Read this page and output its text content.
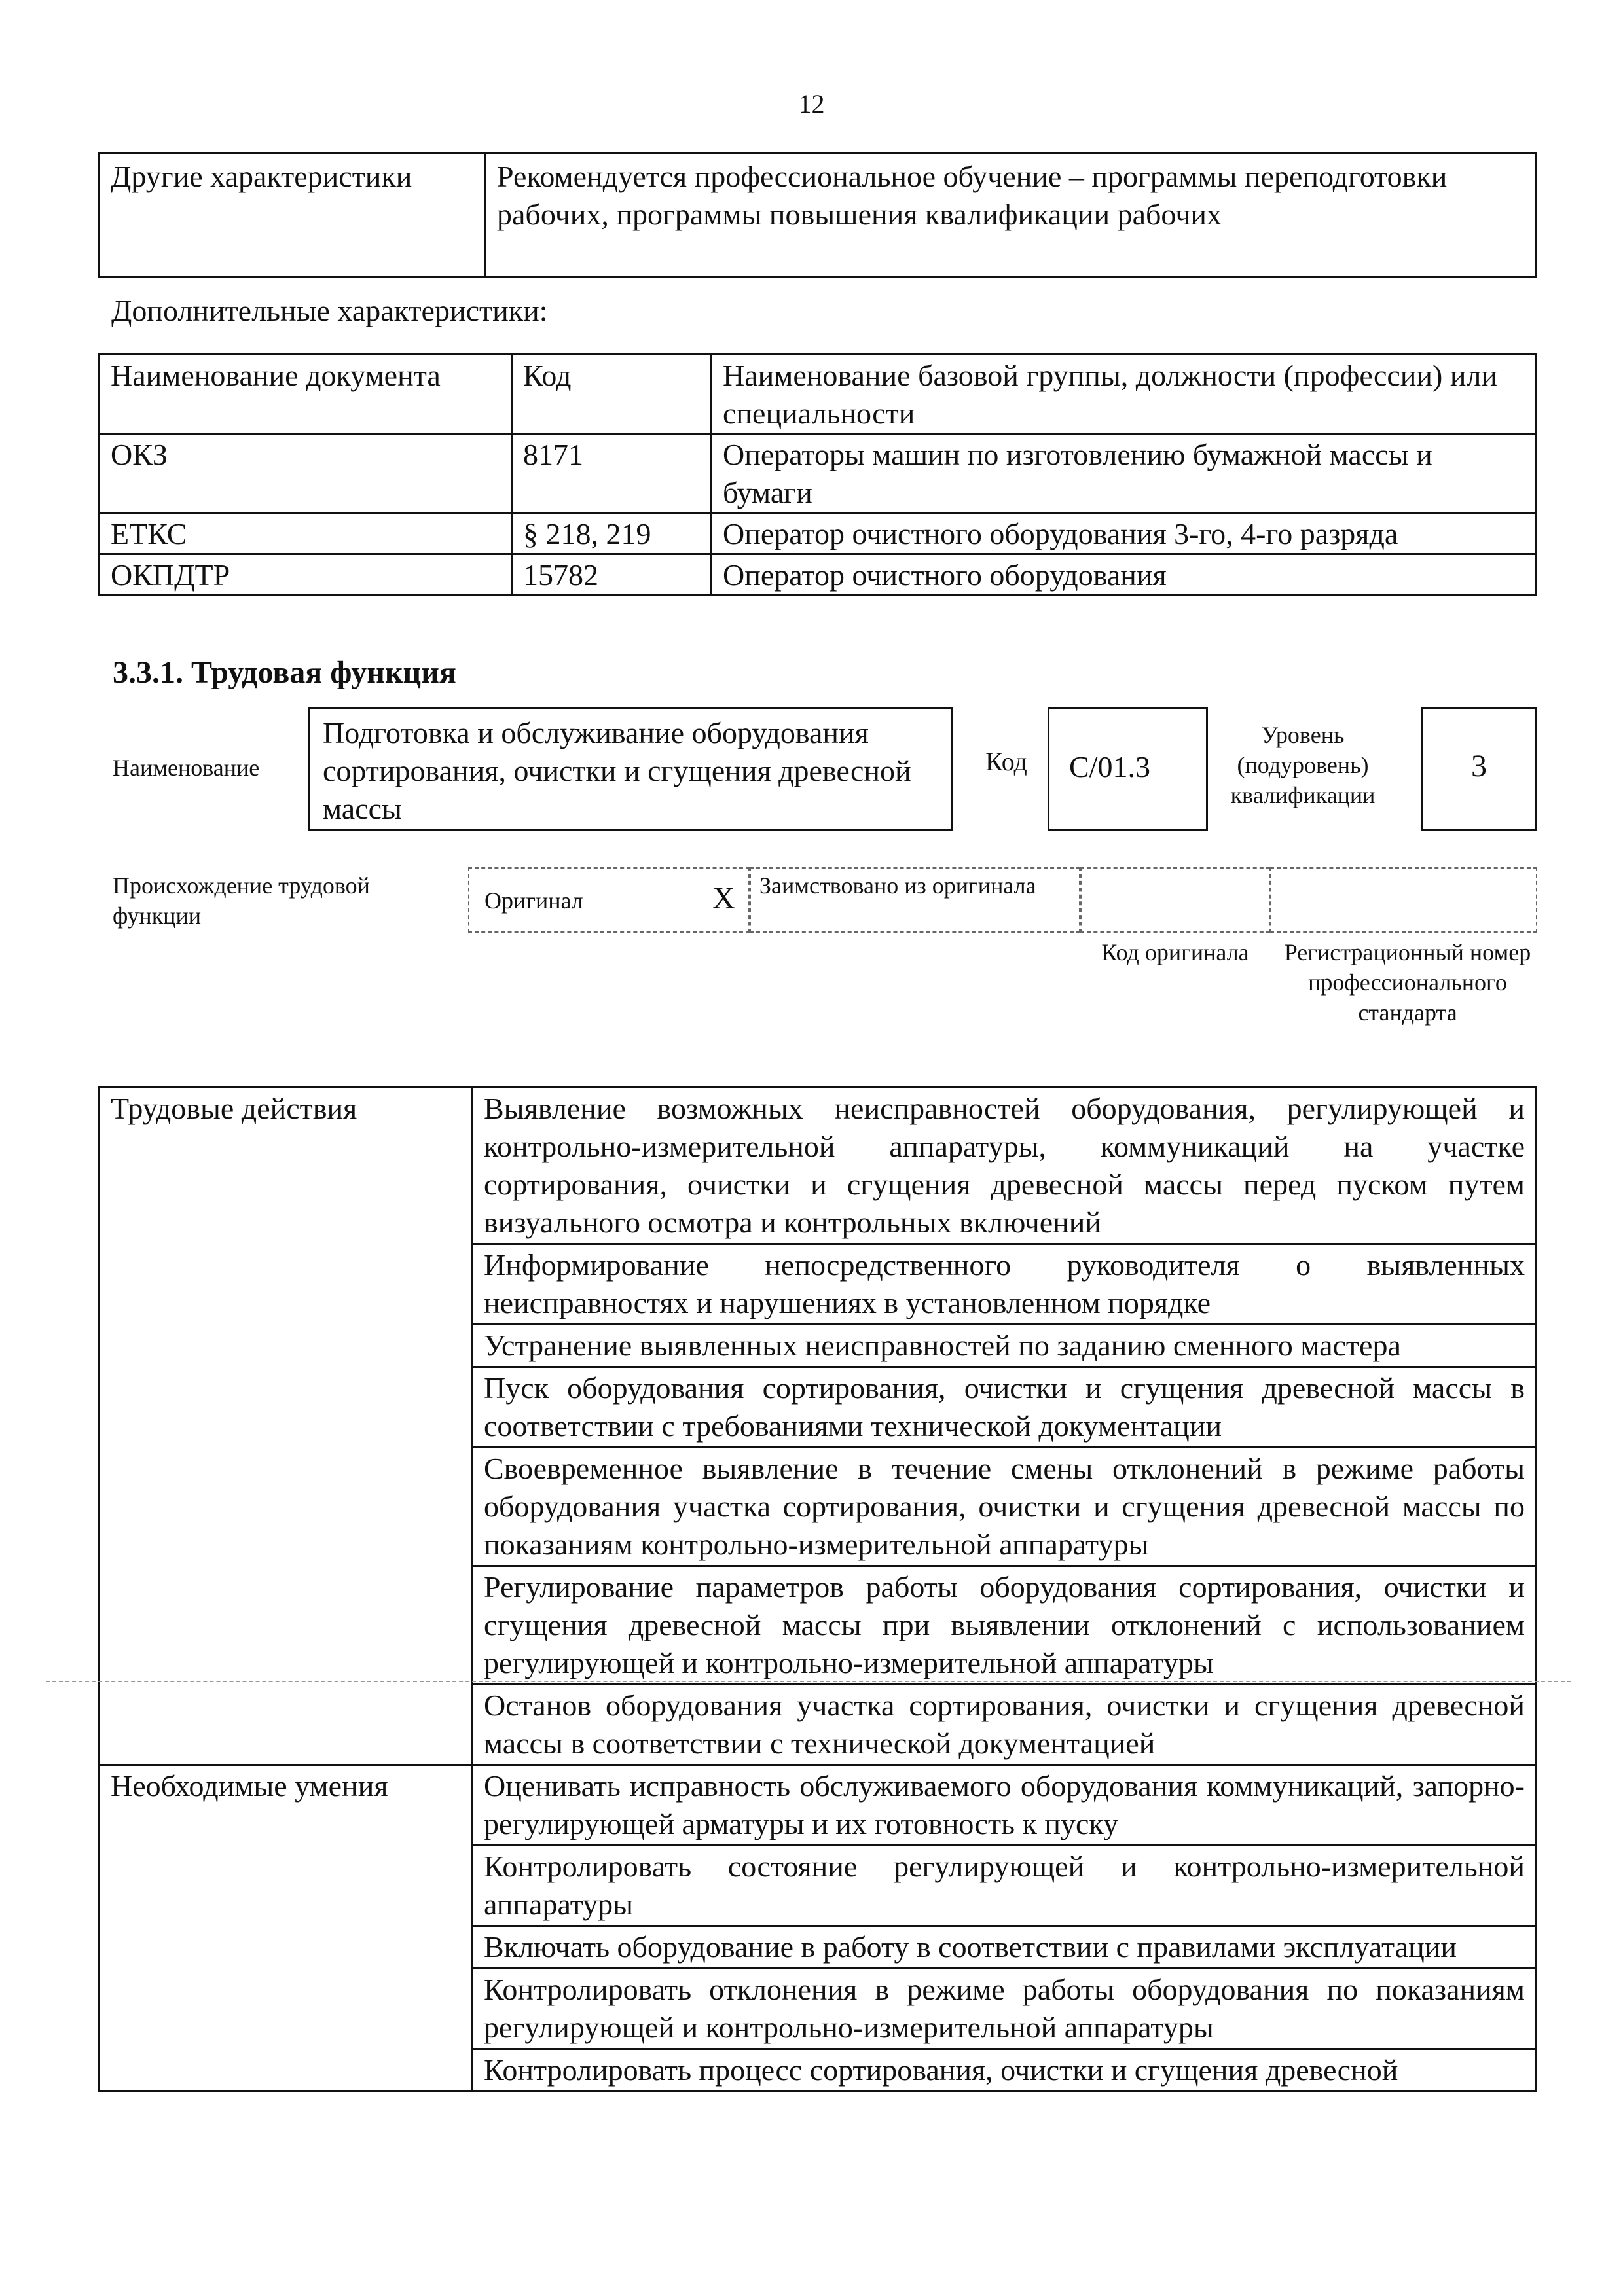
12
Другие характеристики	Рекомендуется профессиональное обучение – программы переподготовки рабочих, программы повышения квалификации рабочих
Дополнительные характеристики:
Наименование документа	Код	Наименование базовой группы, должности (профессии) или специальности
ОКЗ	8171	Операторы машин по изготовлению бумажной массы и бумаги
ЕТКС	§ 218, 219	Оператор очистного оборудования 3-го, 4-го разряда
ОКПДТР	15782	Оператор очистного оборудования
3.3.1. Трудовая функция
Наименование
Подготовка и обслуживание оборудования сортирования, очистки и сгущения древесной массы
Код	C/01.3
Уровень (подуровень) квалификации
3
Происхождение трудовой функции
Оригинал	X Заимствовано из оригинала
Код оригинала	Регистрационный номер профессионального стандарта
Трудовые действия	Выявление возможных неисправностей оборудования, регулирующей и контрольно-измерительной аппаратуры, коммуникаций на участке сортирования, очистки и сгущения древесной массы перед пуском путем визуального осмотра и контрольных включений
	Информирование непосредственного руководителя о выявленных неисправностях и нарушениях в установленном порядке
	Устранение выявленных неисправностей по заданию сменного мастера
	Пуск оборудования сортирования, очистки и сгущения древесной массы в соответствии с требованиями технической документации
	Своевременное выявление в течение смены отклонений в режиме работы оборудования участка сортирования, очистки и сгущения древесной массы по показаниям контрольно-измерительной аппаратуры
	Регулирование параметров работы оборудования сортирования, очистки и сгущения древесной массы при выявлении отклонений с использованием регулирующей и контрольно-измерительной аппаратуры
	Останов оборудования участка сортирования, очистки и сгущения древесной массы в соответствии с технической документацией
Необходимые умения	Оценивать исправность обслуживаемого оборудования коммуникаций, запорно-регулирующей арматуры и их готовность к пуску
	Контролировать состояние регулирующей и контрольно-измерительной аппаратуры
	Включать оборудование в работу в соответствии с правилами эксплуатации
	Контролировать отклонения в режиме работы оборудования по показаниям регулирующей и контрольно-измерительной аппаратуры
	Контролировать процесс сортирования, очистки и сгущения древесной
